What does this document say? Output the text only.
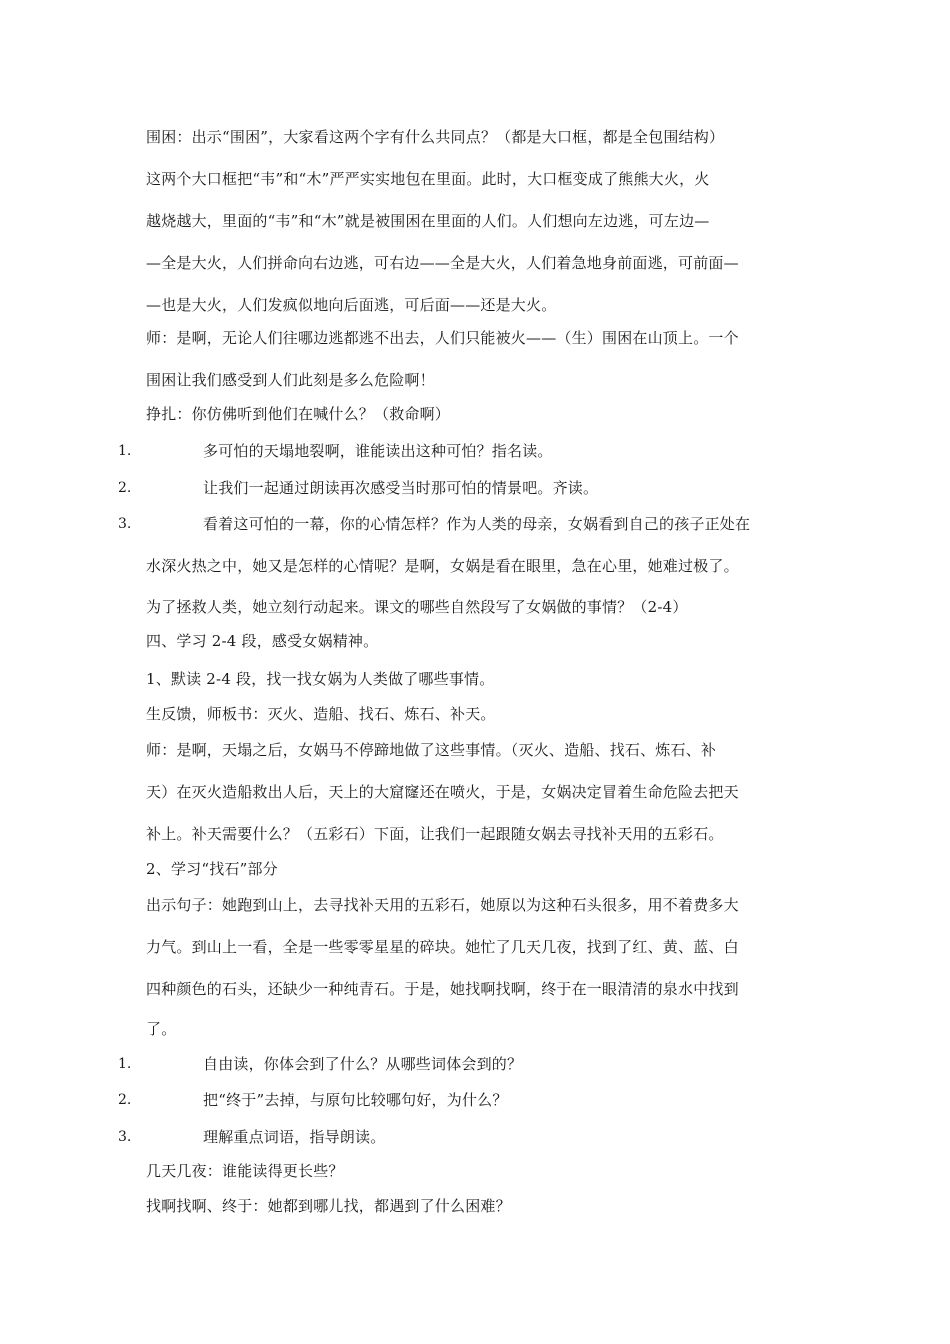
围困：出示“围困”，大家看这两个字有什么共同点？（都是大口框，都是全包围结构）
这两个大口框把“韦”和“木”严严实实地包在里面。此时，大口框变成了熊熊大火，火
越烧越大，里面的“韦”和“木”就是被围困在里面的人们。人们想向左边逃，可左边—
—全是大火，人们拼命向右边逃，可右边——全是大火，人们着急地身前面逃，可前面—
—也是大火，人们发疯似地向后面逃，可后面——还是大火。
师：是啊，无论人们往哪边逃都逃不出去，人们只能被火——（生）围困在山顶上。一个
围困让我们感受到人们此刻是多么危险啊！
挣扎：你仿佛听到他们在喊什么？（救命啊）
1.	多可怕的天塌地裂啊，谁能读出这种可怕？指名读。
2.	让我们一起通过朗读再次感受当时那可怕的情景吧。齐读。
3.	看着这可怕的一幕，你的心情怎样？作为人类的母亲，女娲看到自己的孩子正处在
水深火热之中，她又是怎样的心情呢？是啊，女娲是看在眼里，急在心里，她难过极了。
为了拯救人类，她立刻行动起来。课文的哪些自然段写了女娲做的事情？（2-4）
四、学习 2-4 段，感受女娲精神。
1、默读 2-4 段，找一找女娲为人类做了哪些事情。
生反馈，师板书：灭火、造船、找石、炼石、补天。
师：是啊，天塌之后，女娲马不停蹄地做了这些事情。（灭火、造船、找石、炼石、补
天）在灭火造船救出人后，天上的大窟窿还在喷火，于是，女娲决定冒着生命危险去把天
补上。补天需要什么？（五彩石）下面，让我们一起跟随女娲去寻找补天用的五彩石。
2、学习“找石”部分
出示句子：她跑到山上，去寻找补天用的五彩石，她原以为这种石头很多，用不着费多大
力气。到山上一看，全是一些零零星星的碎块。她忙了几天几夜，找到了红、黄、蓝、白
四种颜色的石头，还缺少一种纯青石。于是，她找啊找啊，终于在一眼清清的泉水中找到
了。
1.	自由读，你体会到了什么？从哪些词体会到的？
2.	把“终于”去掉，与原句比较哪句好，为什么？
3.	理解重点词语，指导朗读。
几天几夜：谁能读得更长些？
找啊找啊、终于：她都到哪儿找，都遇到了什么困难？
